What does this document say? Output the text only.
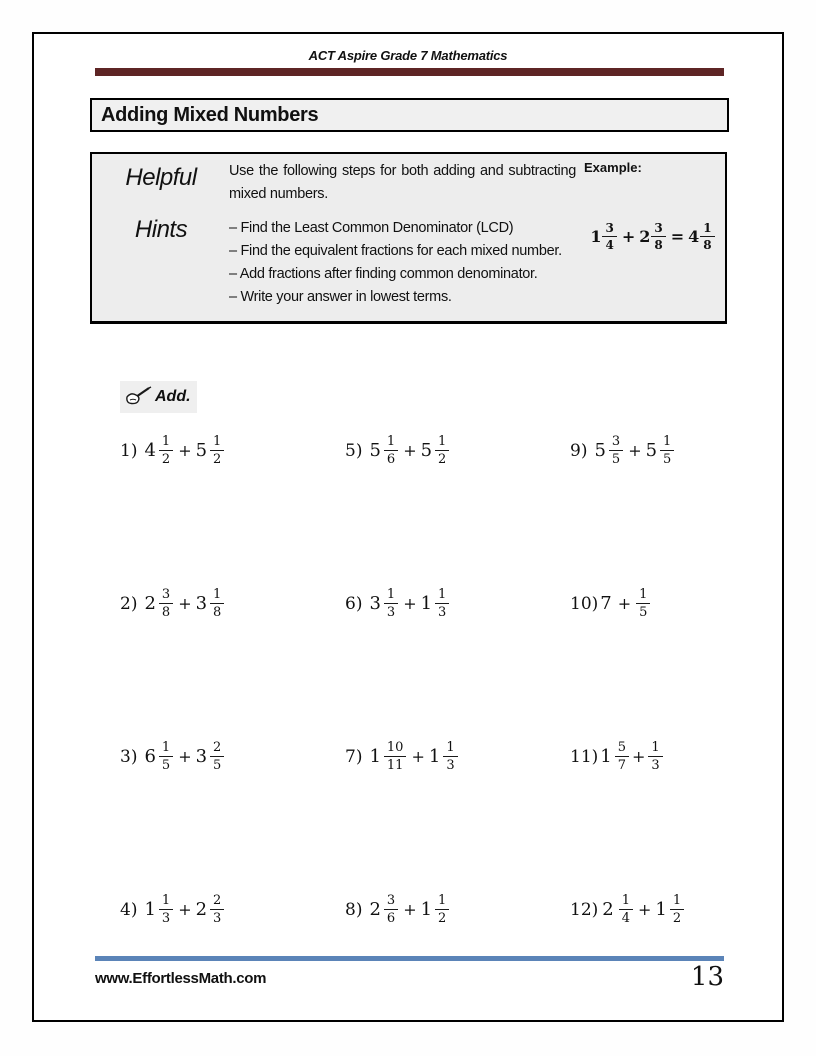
ACT Aspire Grade 7 Mathematics
Adding Mixed Numbers
Helpful
Hints
Use the following steps for both adding and subtracting mixed numbers.
– Find the Least Common Denominator (LCD)
– Find the equivalent fractions for each mixed number.
– Add fractions after finding common denominator.
– Write your answer in lowest terms.
Example:
$1 \frac{3}{4} + 2 \frac{3}{8} = 4 \frac{1}{8}$
Add.
1) $4 \frac{1}{2} + 5 \frac{1}{2}$
2) $2 \frac{3}{8} + 3 \frac{1}{8}$
3) $6 \frac{1}{5} + 3 \frac{2}{5}$
4) $1 \frac{1}{3} + 2 \frac{2}{3}$
5) $5 \frac{1}{6} + 5 \frac{1}{2}$
6) $3 \frac{1}{3} + 1 \frac{1}{3}$
7) $1 \frac{10}{11} + 1 \frac{1}{3}$
8) $2 \frac{3}{6} + 1 \frac{1}{2}$
9) $5 \frac{3}{5} + 5 \frac{1}{5}$
10) $7 + \frac{1}{5}$
11) $1 \frac{5}{7} + \frac{1}{3}$
12) $2 \frac{1}{4} + 1 \frac{1}{2}$
www.EffortlessMath.com	13
